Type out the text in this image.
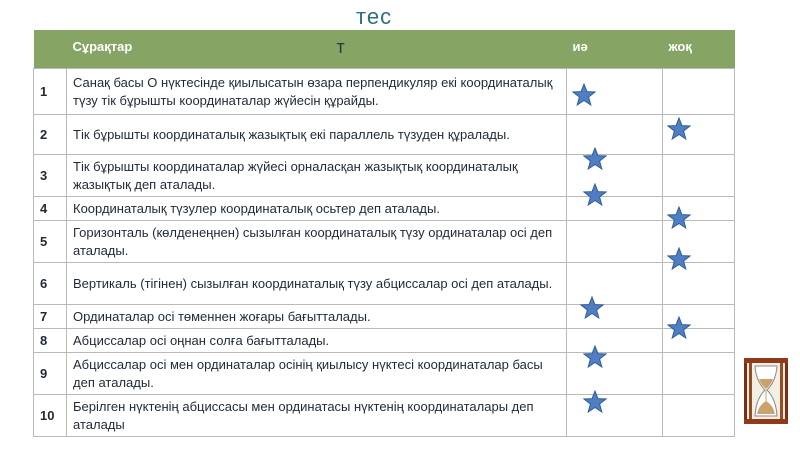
тес

	Сұрақтар т	иә	жоқ

1	Санақ басы О нүктесінде қиылысатын өзара перпендикуляр екі координаталық түзу тік бұрышты координаталар жүйесін құрайды.		
2	Тік бұрышты координаталық жазықтық екі параллель түзуден құралады.		
3	Тік бұрышты координаталар жүйесі орналасқан жазықтық координаталық жазықтық деп аталады.		
4	Координаталық түзулер координаталық осьтер деп аталады.		
5	Горизонталь (көлденеңнен) сызылған координаталық түзу ординаталар осі деп аталады.		
6	Вертикаль (тігінен) сызылған координаталық түзу абциссалар осі деп аталады.		
7	Ординаталар осі төменнен жоғары бағытталады.		
8	Абциссалар осі оңнан солға бағытталады.		
9	Абциссалар осі мен ординаталар осінің қиылысу нүктесі координаталар басы деп аталады.		
10	Берілген нүктенің абциссасы мен ординатасы нүктенің координаталары деп аталады		
